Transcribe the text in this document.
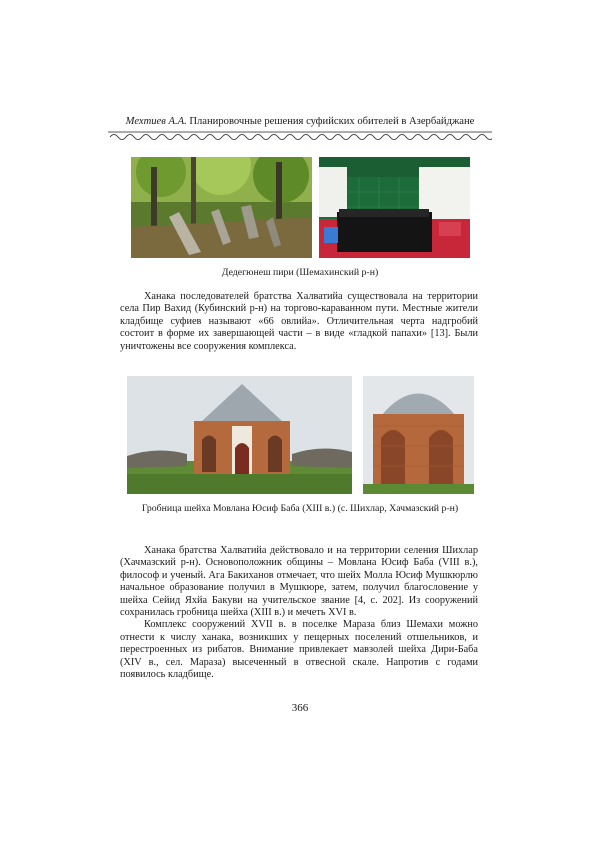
Мехтиев А.А. Планировочные решения суфийских обителей в Азербайджане
Дедегюнеш пири (Шемахинский р-н)

Ханака последователей братства Халватийа существовала на территории села Пир Вахид (Кубинский р-н) на торгово-караванном пути. Местные жители кладбище суфиев называют «66 овлийа». Отличительная черта надгробий состоит в форме их завершающей части – в виде «гладкой папахи» [13]. Были уничтожены все сооружения комплекса.

Гробница шейха Мовлана Юсиф Баба (XIII в.) (с. Шихлар, Хачмазский р-н)

Ханака братства Халватийа действовало и на территории селения Шихлар (Хачмазский р-н). Основоположник общины – Мовлана Юсиф Баба (VIII в.), философ и ученый. Ага Бакиханов отмечает, что шейх Молла Юсиф Мушкюрлю начальное образование получил в Мушкюре, затем, получил благословение у шейха Сейид Яхйа Бакуви на учительское звание [4, с. 202]. Из сооружений сохранилась гробница шейха (XIII в.) и мечеть XVI в.

Комплекс сооружений XVII в. в поселке Мараза близ Шемахи можно отнести к числу ханака, возникших у пещерных поселений отшельников, и перестроенных из рибатов. Внимание привлекает мавзолей шейха Дири-Баба (XIV в., сел. Мараза) высеченный в отвесной скале. Напротив с годами появилось кладбище.

366
